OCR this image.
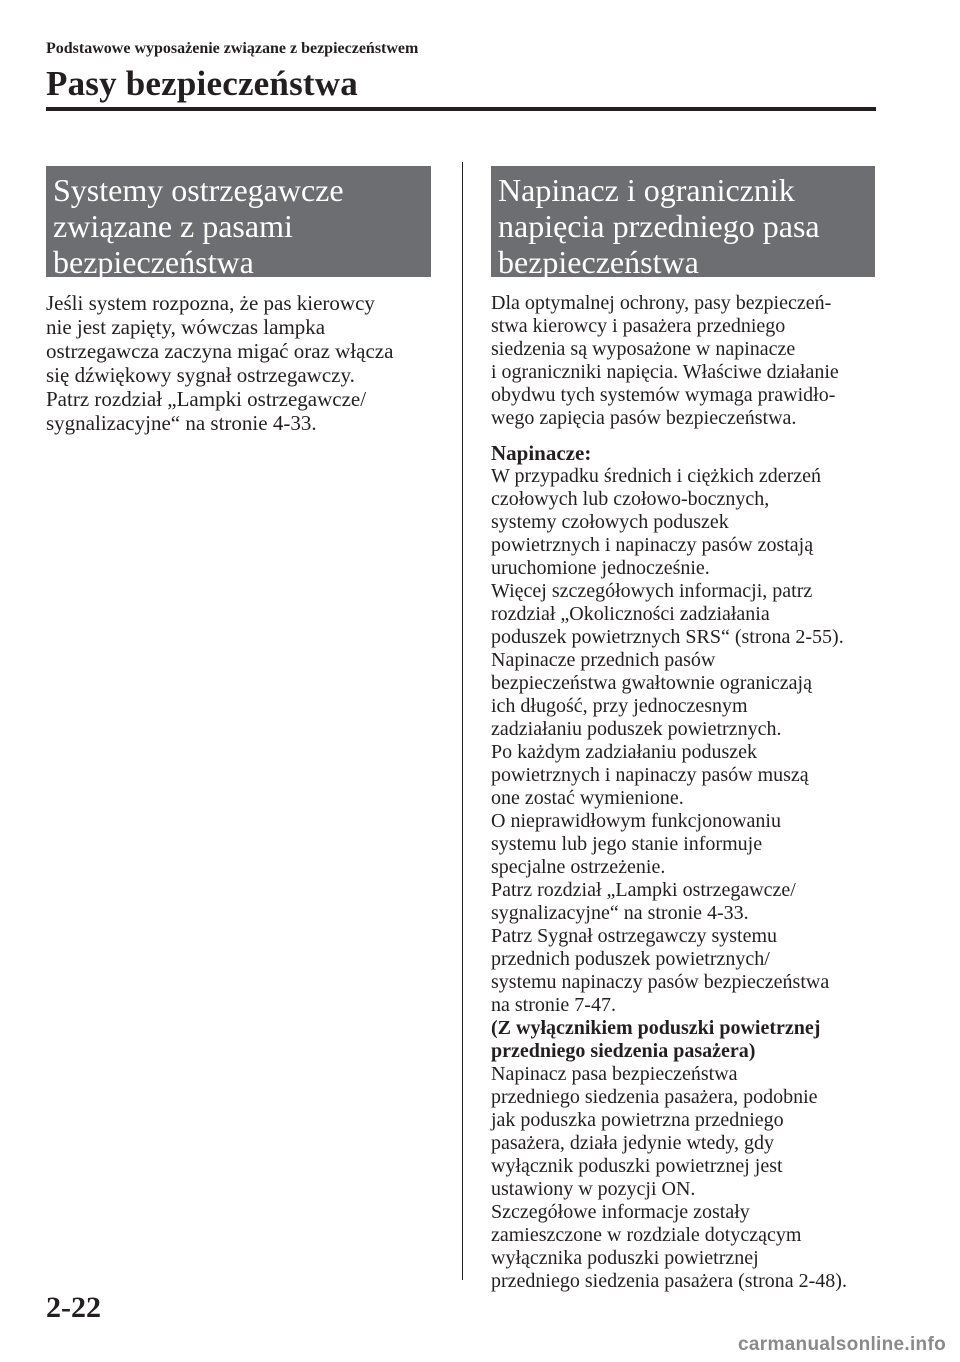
Podstawowe wyposażenie związane z bezpieczeństwem
Pasy bezpieczeństwa
Systemy ostrzegawcze
związane z pasami
bezpieczeństwa
Jeśli system rozpozna, że pas kierowcy
nie jest zapięty, wówczas lampka
ostrzegawcza zaczyna migać oraz włącza
się dźwiękowy sygnał ostrzegawczy.
Patrz rozdział „Lampki ostrzegawcze/
sygnalizacyjne“ na stronie 4-33.
Napinacz i ogranicznik
napięcia przedniego pasa
bezpieczeństwa
Dla optymalnej ochrony, pasy bezpieczeń-
stwa kierowcy i pasażera przedniego
siedzenia są wyposażone w napinacze
i ograniczniki napięcia. Właściwe działanie
obydwu tych systemów wymaga prawidło-
wego zapięcia pasów bezpieczeństwa.
Napinacze:
W przypadku średnich i ciężkich zderzeń
czołowych lub czołowo-bocznych,
systemy czołowych poduszek
powietrznych i napinaczy pasów zostają
uruchomione jednocześnie.
Więcej szczegółowych informacji, patrz
rozdział „Okoliczności zadziałania
poduszek powietrznych SRS“ (strona 2-55).
Napinacze przednich pasów
bezpieczeństwa gwałtownie ograniczają
ich długość, przy jednoczesnym
zadziałaniu poduszek powietrznych.
Po każdym zadziałaniu poduszek
powietrznych i napinaczy pasów muszą
one zostać wymienione.
O nieprawidłowym funkcjonowaniu
systemu lub jego stanie informuje
specjalne ostrzeżenie.
Patrz rozdział „Lampki ostrzegawcze/
sygnalizacyjne“ na stronie 4-33.
Patrz Sygnał ostrzegawczy systemu
przednich poduszek powietrznych/
systemu napinaczy pasów bezpieczeństwa
na stronie 7-47.
(Z wyłącznikiem poduszki powietrznej
przedniego siedzenia pasażera)
Napinacz pasa bezpieczeństwa
przedniego siedzenia pasażera, podobnie
jak poduszka powietrzna przedniego
pasażera, działa jedynie wtedy, gdy
wyłącznik poduszki powietrznej jest
ustawiony w pozycji ON.
Szczegółowe informacje zostały
zamieszczone w rozdziale dotyczącym
wyłącznika poduszki powietrznej
przedniego siedzenia pasażera (strona 2-48).
2-22
carmanualsonline.info
